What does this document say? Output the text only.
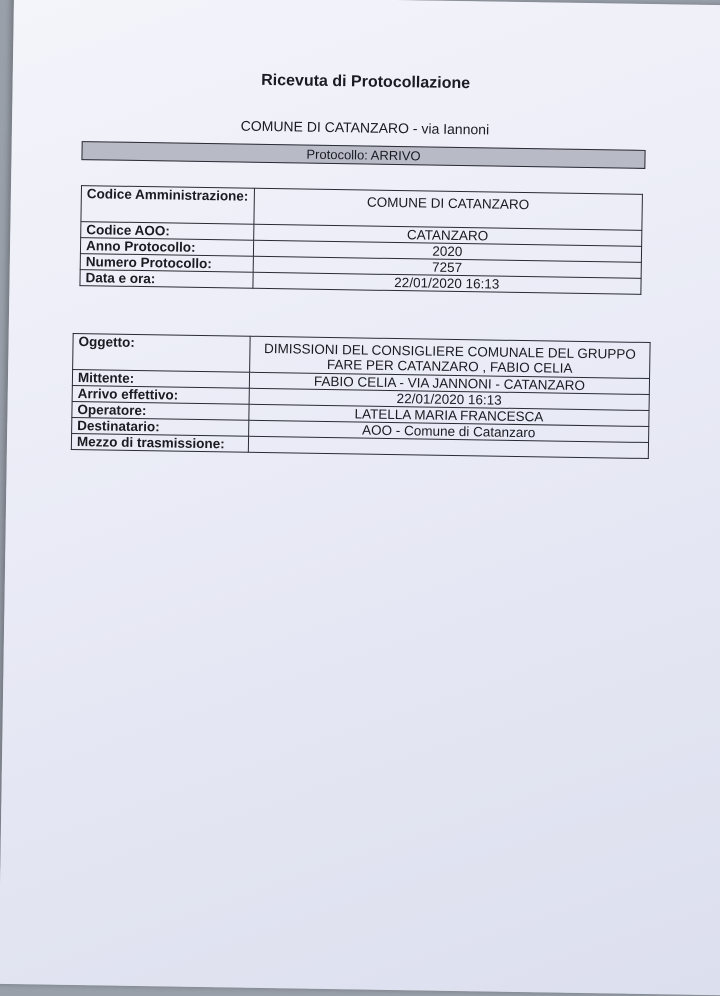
Ricevuta di Protocollazione
COMUNE DI CATANZARO - via Iannoni
Protocollo: ARRIVO
Codice Amministrazione:	COMUNE DI CATANZARO
Codice AOO:	CATANZARO
Anno Protocollo:	2020
Numero Protocollo:	7257
Data e ora:	22/01/2020 16:13
Oggetto:	DIMISSIONI DEL CONSIGLIERE COMUNALE DEL GRUPPO
FARE PER CATANZARO , FABIO CELIA

Mittente:	FABIO CELIA - VIA JANNONI - CATANZARO
Arrivo effettivo:	22/01/2020 16:13
Operatore:	LATELLA MARIA FRANCESCA
Destinatario:	AOO - Comune di Catanzaro
Mezzo di trasmissione:	
